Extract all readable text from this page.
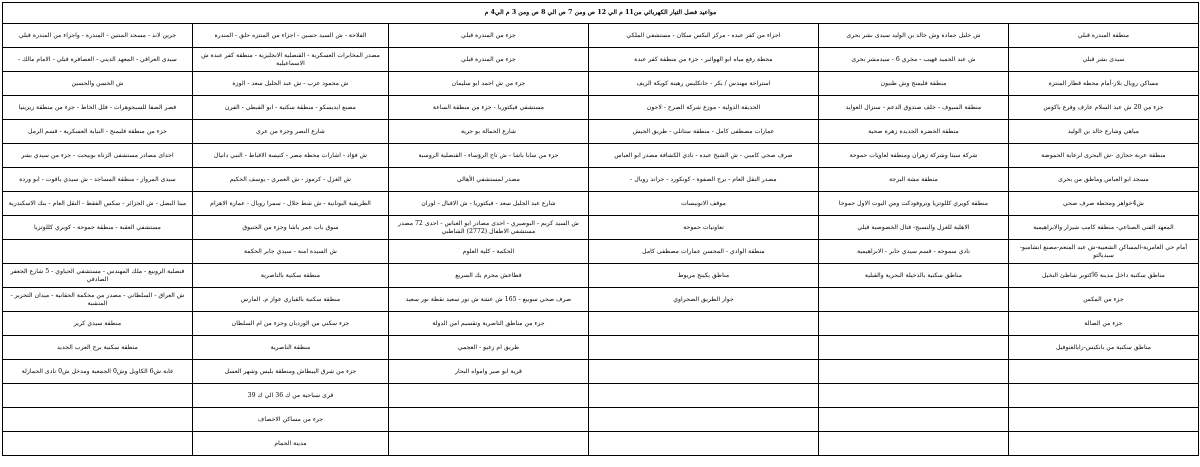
مواعيد فصل التيار الكهربائي من11 م الي 12 ص ومن 7 ص الي 8 ص ومن 3 م الي4 م					
منطقة المندرة قبلي	ش خليل حمادة وش خالد بن الوليد سيدى بشر بحرى	اجزاء من كفر عبده - مركز البكس سكان - مستشفي الملكي	جزء من المندرة قبلي	الفلاحة - ش السيد حسين - اجزاء من المنتزه حلق - المندرة	جرين لاند - مسجد المنتين - المندرة - واجزاء من المندرة قبلي
سيدى بشر قبلي	ش عبد الحميد قهيب - مخري 6 - سيدمشر بحرى	محطة رفع مياه ابو الهوائير - جزء من منطقة كفر عبدة	جزء من المندرة قبلي	مصدر المخابرات العسكرية - القنصلية الانجليزية - منطقة كفر عبدة ش الاسماعيلية	سيدى العراقي - المعهد الديني - العصافرة قبلي - الامام مالك -
مساكن رويال بلاز-أمام محطة قطار المنتزة	منطقة فليمنج وش طنبون	استراحة مهندس / بكر - جانكليس رهينة كويكة الريف	جزء من ش احمد ابو سليمان	ش محمود عزب - ش عبد الجليل سعد - الوزة	ش الحسن والحسين
جزء من 20 ش عبد السلام عارف وفرع باكوس	منطقة السيوف - خلف صندوق الدعم - سنزال العوايد	الحديقة الدولية - موزع شركة الصرح - لاجون	مستشفي فيكتوريا - جزء من منطقة الساعة	مصنع ايديسكو - منطقة سكنية - ابو القبطي - الفرن	قصر الصفا للسيجوهرات - فلل الخاط - جزء من منطقة زيزينيا
مياهي وشارع خالد بن الوليد	منطقة الخضرة الجديدة زهرة صحية	عمارات مصطفى كامل - منطقة ستانلي - طريق الجيش	شارع الحمالة بو جرية	شارع النصر وجزء من عرى	جزء من منطقة فليمنج - النيابة العسكرية - قسم الرمل
منطقة عزبة حجازى -ش البحرى لرعاية الحموضة	شركة سيتا وشركة زهران ومنطقة لعاويات حموحة	صرف صحي كامبي - ش الشيخ عبده - نادي الكشافة مصدر ابو العباس	جزء من سابا باشا - ش تاج الرؤساء - القنصلية الروسية	ش فؤاد - اشارات محطة مصر - كنيسة الاقباط - النبي دانيال	احداى مصادر مستشفى الزناة بوبيحت - جزء من سيدي بشر
مسجد ابو العباس وماطق من بحرى	منطقة مشة البرجة	مصدر النقل العام - برج الصفوة - كونكورد - جراند رويال -	مصدر لمستشفي الأهالي	ش الغزل - كرموز - ش العمري - يوسف الحكيم	سيدى المرواز - منطقة المساجد - ش سيدي ياقوت - ابو وردة
ش4خواهر ومحطة صرف صحي	منطقة كويري كللوتزيا وبروفودكت ومن اليوت الاول حموحا	موقف الاتوبيسات	شارع عبد الجليل سعد - فيكتوريا - ش الاقبال - لوران	الطريقية اليونانية - ش شط جلال - سمرا رويال - عمارة الاهرام	مينا البصل - ش الجزائر - سكس الفقط - النقل العام - بنك الاسكندرية
المعهد الفني الصناعي- منطقة كامب شيزار والابراهيمية	الاهلية للغزل والنسيج- قتال الخصوصية قبلي	تعاونيات حموحة	ش السيد كريم - البوصيري - احدى مصادر ابو العباس - احدى 72 مصدر مستشفي الاطفال (2772) الشاطبي	سوق باب عمر باشا وجزء من الحنبوق	مستشفي العقبة - منطقة حموحة - كوبري كللوتزيا
أمام حي العامرية-المساكن الشعبية-ش عبد المنعم-مصنع انشامبو-سيديالتو	نادي سموحه - قسم سيدي جابر - الابراهيمية	منطقة الوادي - المحسن عمارات مصطفى كامل	الحكمة - كلية العلوم	ش السيدة امنة - سيدي جابر الحكمة	
مناطق سكنية داخل مدينة 6أكتوبر شاطئ النخيل	مناطق سكنية بالدخيلة البحرية والقبلية	مناطق بكينج مريوط	قطاعش محرم بك السريع	منطقة سكنية بالناصرية	قنصلية الروبيع - ملك المهندس - مستشفي الحياوي - 5 شارع الجعفر الصادقي
جزء من المكس		جوار الطريق الصحراوي	صرف صحي سوبيع - 165 ش عشة ش نور سعيد نقطة نور سعيد	منطقة سكنية بالقباري عواز م. المارس	ش العراق - السلطاني - مصدر من محكمة الحقانية - ميدان التحرير - المنشية
جزء من الصالة			جزء من مناطق الناصرية وتقسيم امن الدولة	جزء سكني من الوردبان وجزء من ام السلطان	منطقة سيدي كرير
مناطق سكنية من بانكيس-زايالغنوفيل			طريق ام زغيو - العجمي	منطقة الناصرية	منطقة سكنية برج العرب الجديد
			قرية ابو صير وامواه البحار	جزء من شرق البيطاش ومنطقة بليس وشهر العسل	غابة ش6 الكاويل وش0 الجمعية ومدخل ش0 نادى الحمارلة
				قرى سياحية من ك 36 الي ك 39	
				جزء من مساكن الاخصاف	
				مدينة الحمام	
